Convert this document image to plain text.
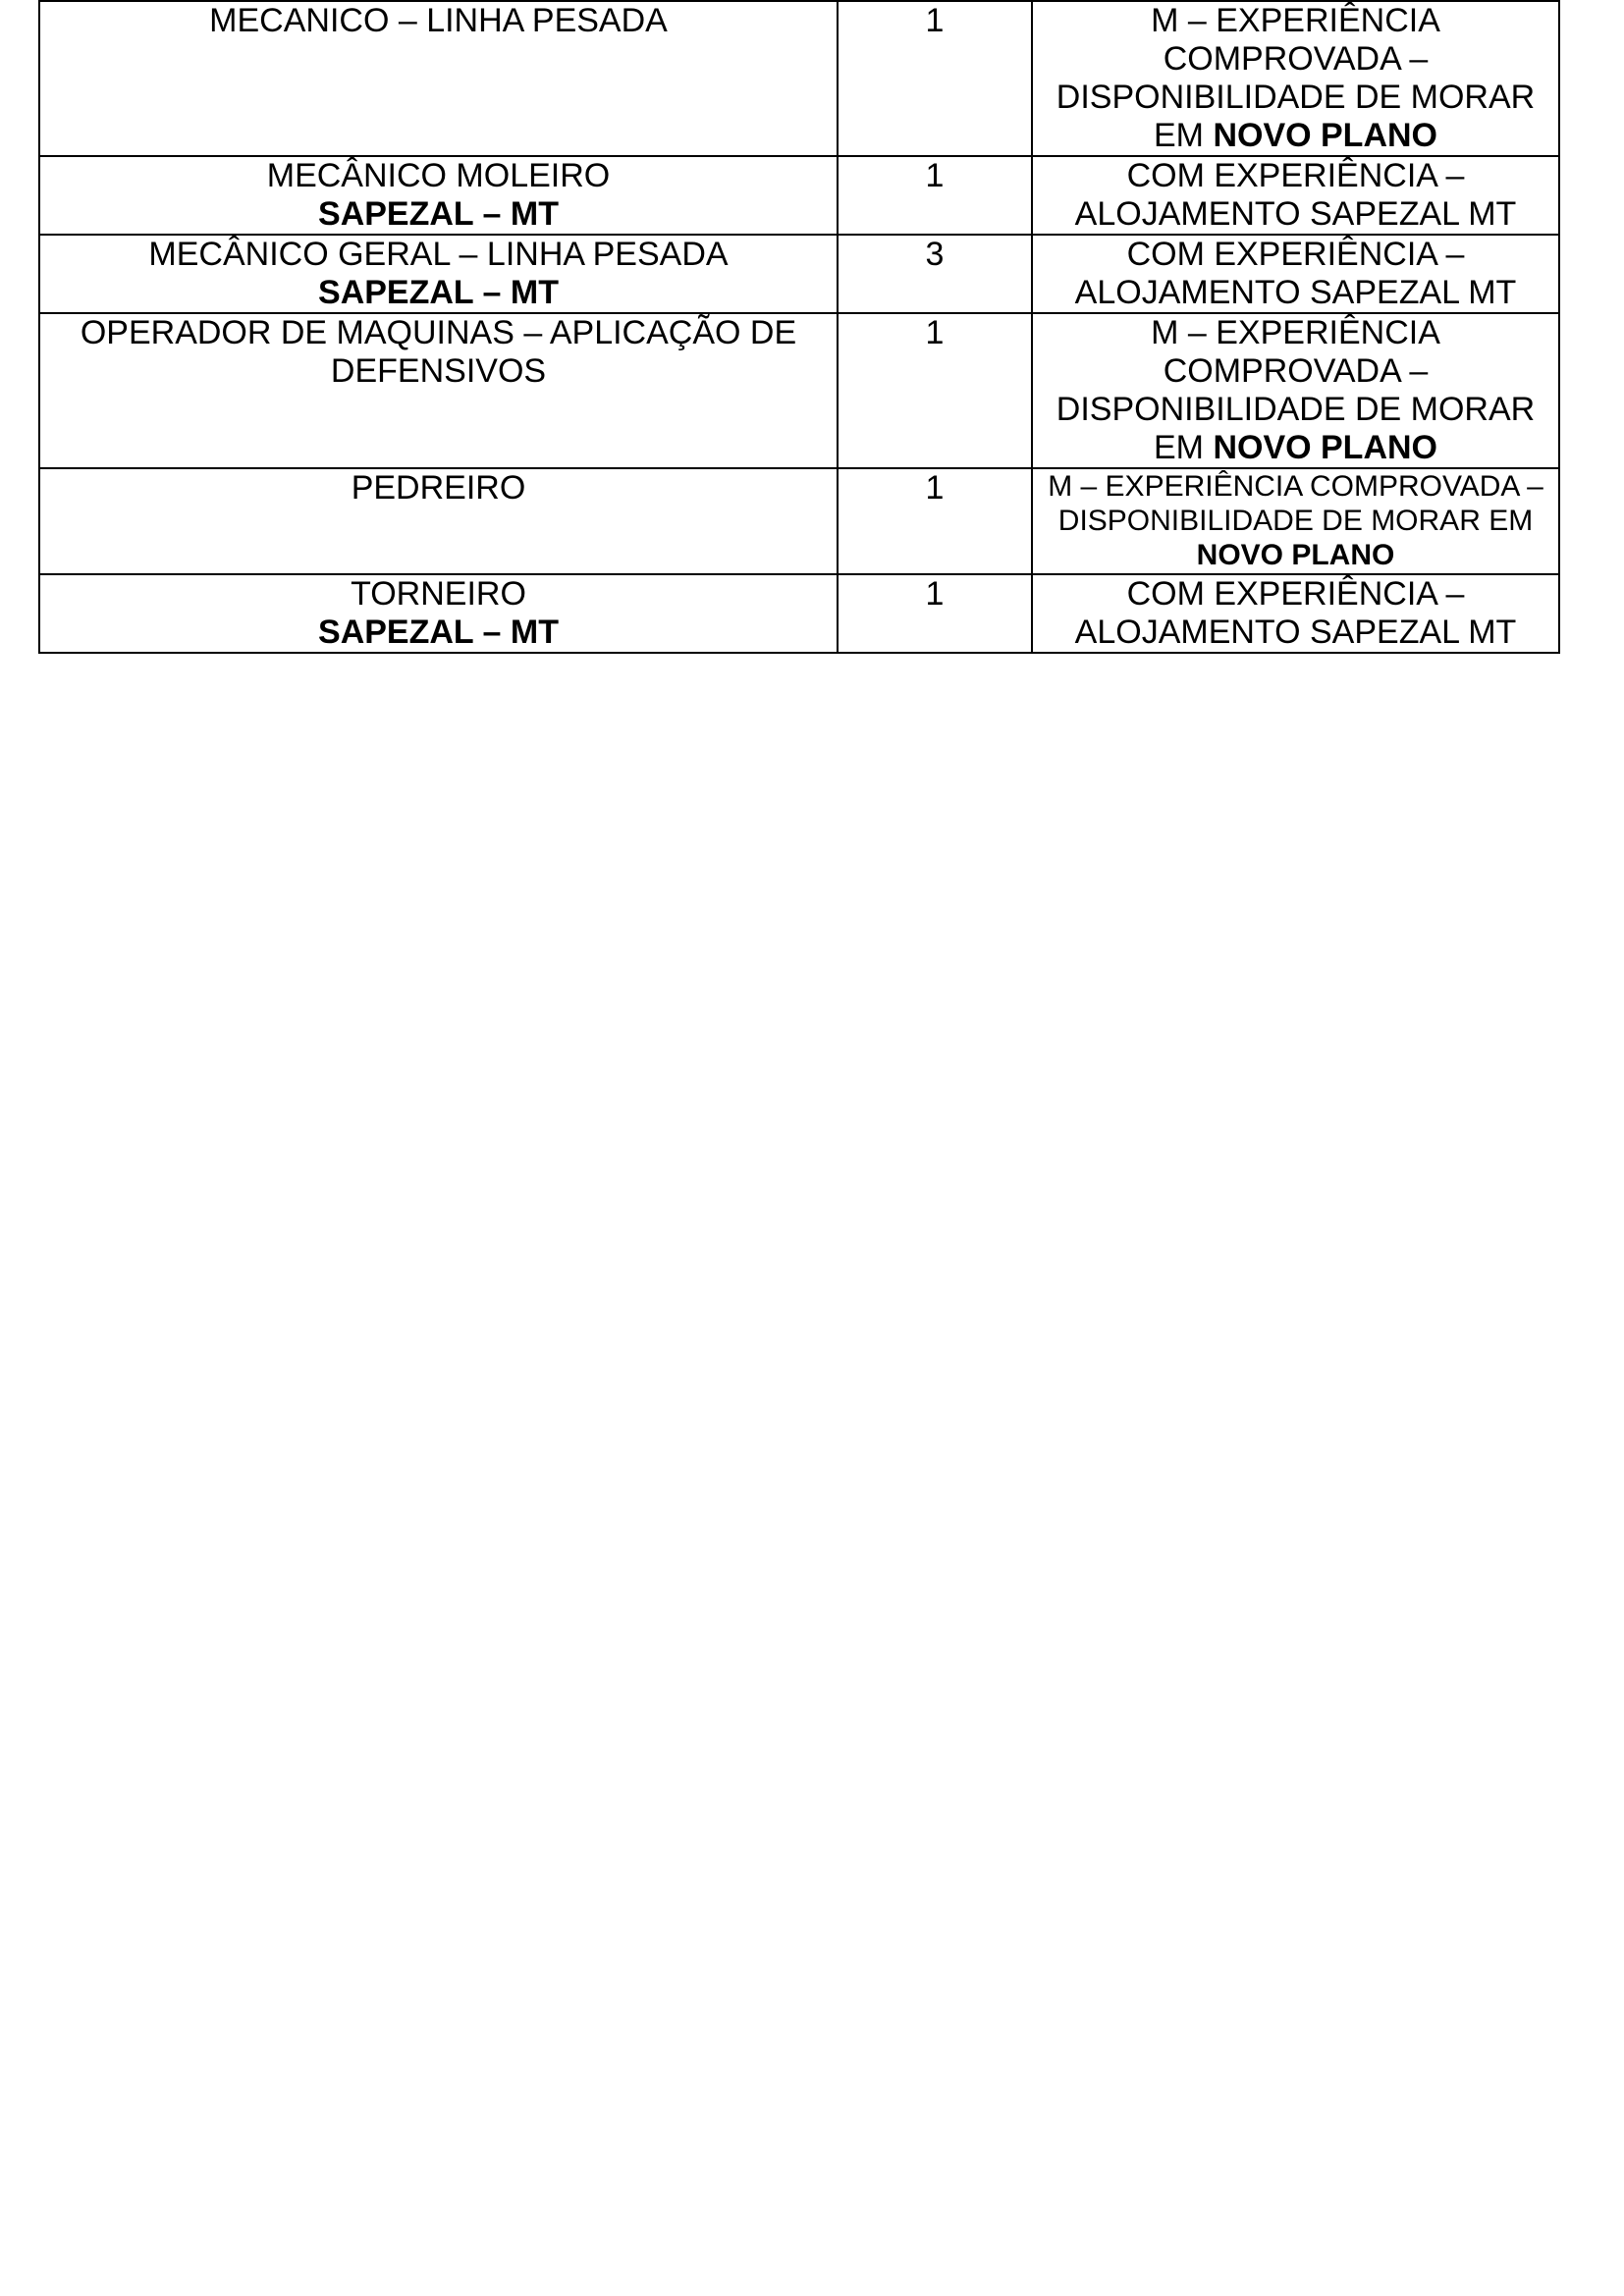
MECANICO – LINHA PESADA	1	M – EXPERIÊNCIA COMPROVADA – DISPONIBILIDADE DE MORAR EM NOVO PLANO

MECÂNICO MOLEIRO
SAPEZAL – MT	1	COM EXPERIÊNCIA – ALOJAMENTO SAPEZAL MT

MECÂNICO GERAL – LINHA PESADA
SAPEZAL – MT	3	COM EXPERIÊNCIA – ALOJAMENTO SAPEZAL MT

OPERADOR DE MAQUINAS – APLICAÇÃO DE DEFENSIVOS	1	M – EXPERIÊNCIA COMPROVADA – DISPONIBILIDADE DE MORAR EM NOVO PLANO

PEDREIRO	1	M – EXPERIÊNCIA COMPROVADA – DISPONIBILIDADE DE MORAR EM NOVO PLANO

TORNEIRO
SAPEZAL – MT	1	COM EXPERIÊNCIA – ALOJAMENTO SAPEZAL MT
